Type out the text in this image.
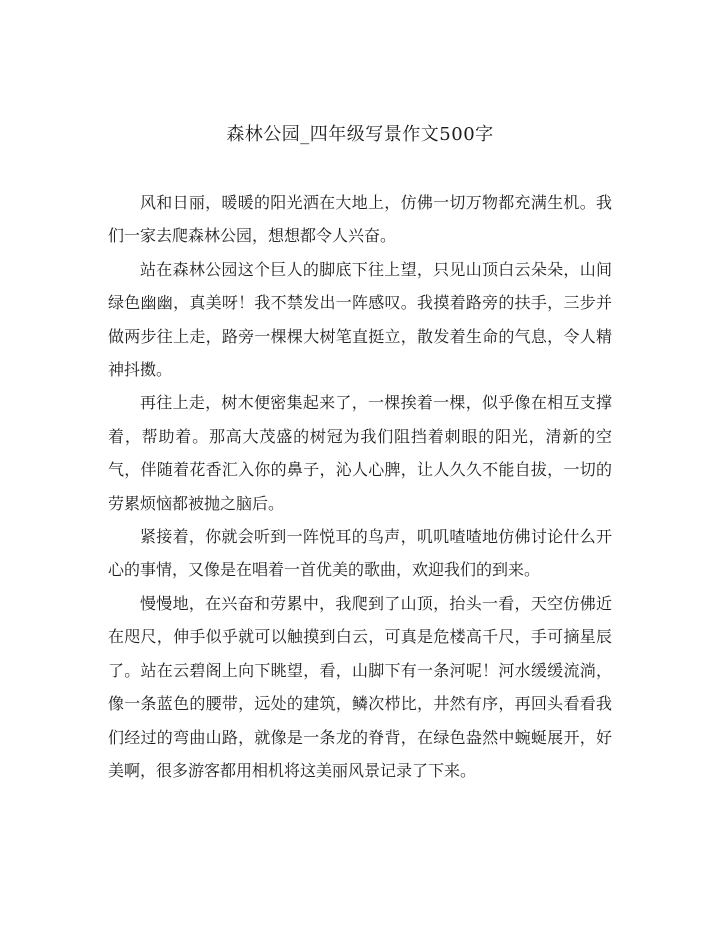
森林公园_四年级写景作文500字

风和日丽，暖暖的阳光洒在大地上，仿佛一切万物都充满生机。我们一家去爬森林公园，想想都令人兴奋。

站在森林公园这个巨人的脚底下往上望，只见山顶白云朵朵，山间绿色幽幽，真美呀！我不禁发出一阵感叹。我摸着路旁的扶手，三步并做两步往上走，路旁一棵棵大树笔直挺立，散发着生命的气息，令人精神抖擞。

再往上走，树木便密集起来了，一棵挨着一棵，似乎像在相互支撑着，帮助着。那高大茂盛的树冠为我们阻挡着刺眼的阳光，清新的空气，伴随着花香汇入你的鼻子，沁人心脾，让人久久不能自拔，一切的劳累烦恼都被抛之脑后。

紧接着，你就会听到一阵悦耳的鸟声，叽叽喳喳地仿佛讨论什么开心的事情，又像是在唱着一首优美的歌曲，欢迎我们的到来。

慢慢地，在兴奋和劳累中，我爬到了山顶，抬头一看，天空仿佛近在咫尺，伸手似乎就可以触摸到白云，可真是危楼高千尺，手可摘星辰了。站在云碧阁上向下眺望，看，山脚下有一条河呢！河水缓缓流淌，像一条蓝色的腰带，远处的建筑，鳞次栉比，井然有序，再回头看看我们经过的弯曲山路，就像是一条龙的脊背，在绿色盎然中蜿蜒展开，好美啊，很多游客都用相机将这美丽风景记录了下来。
